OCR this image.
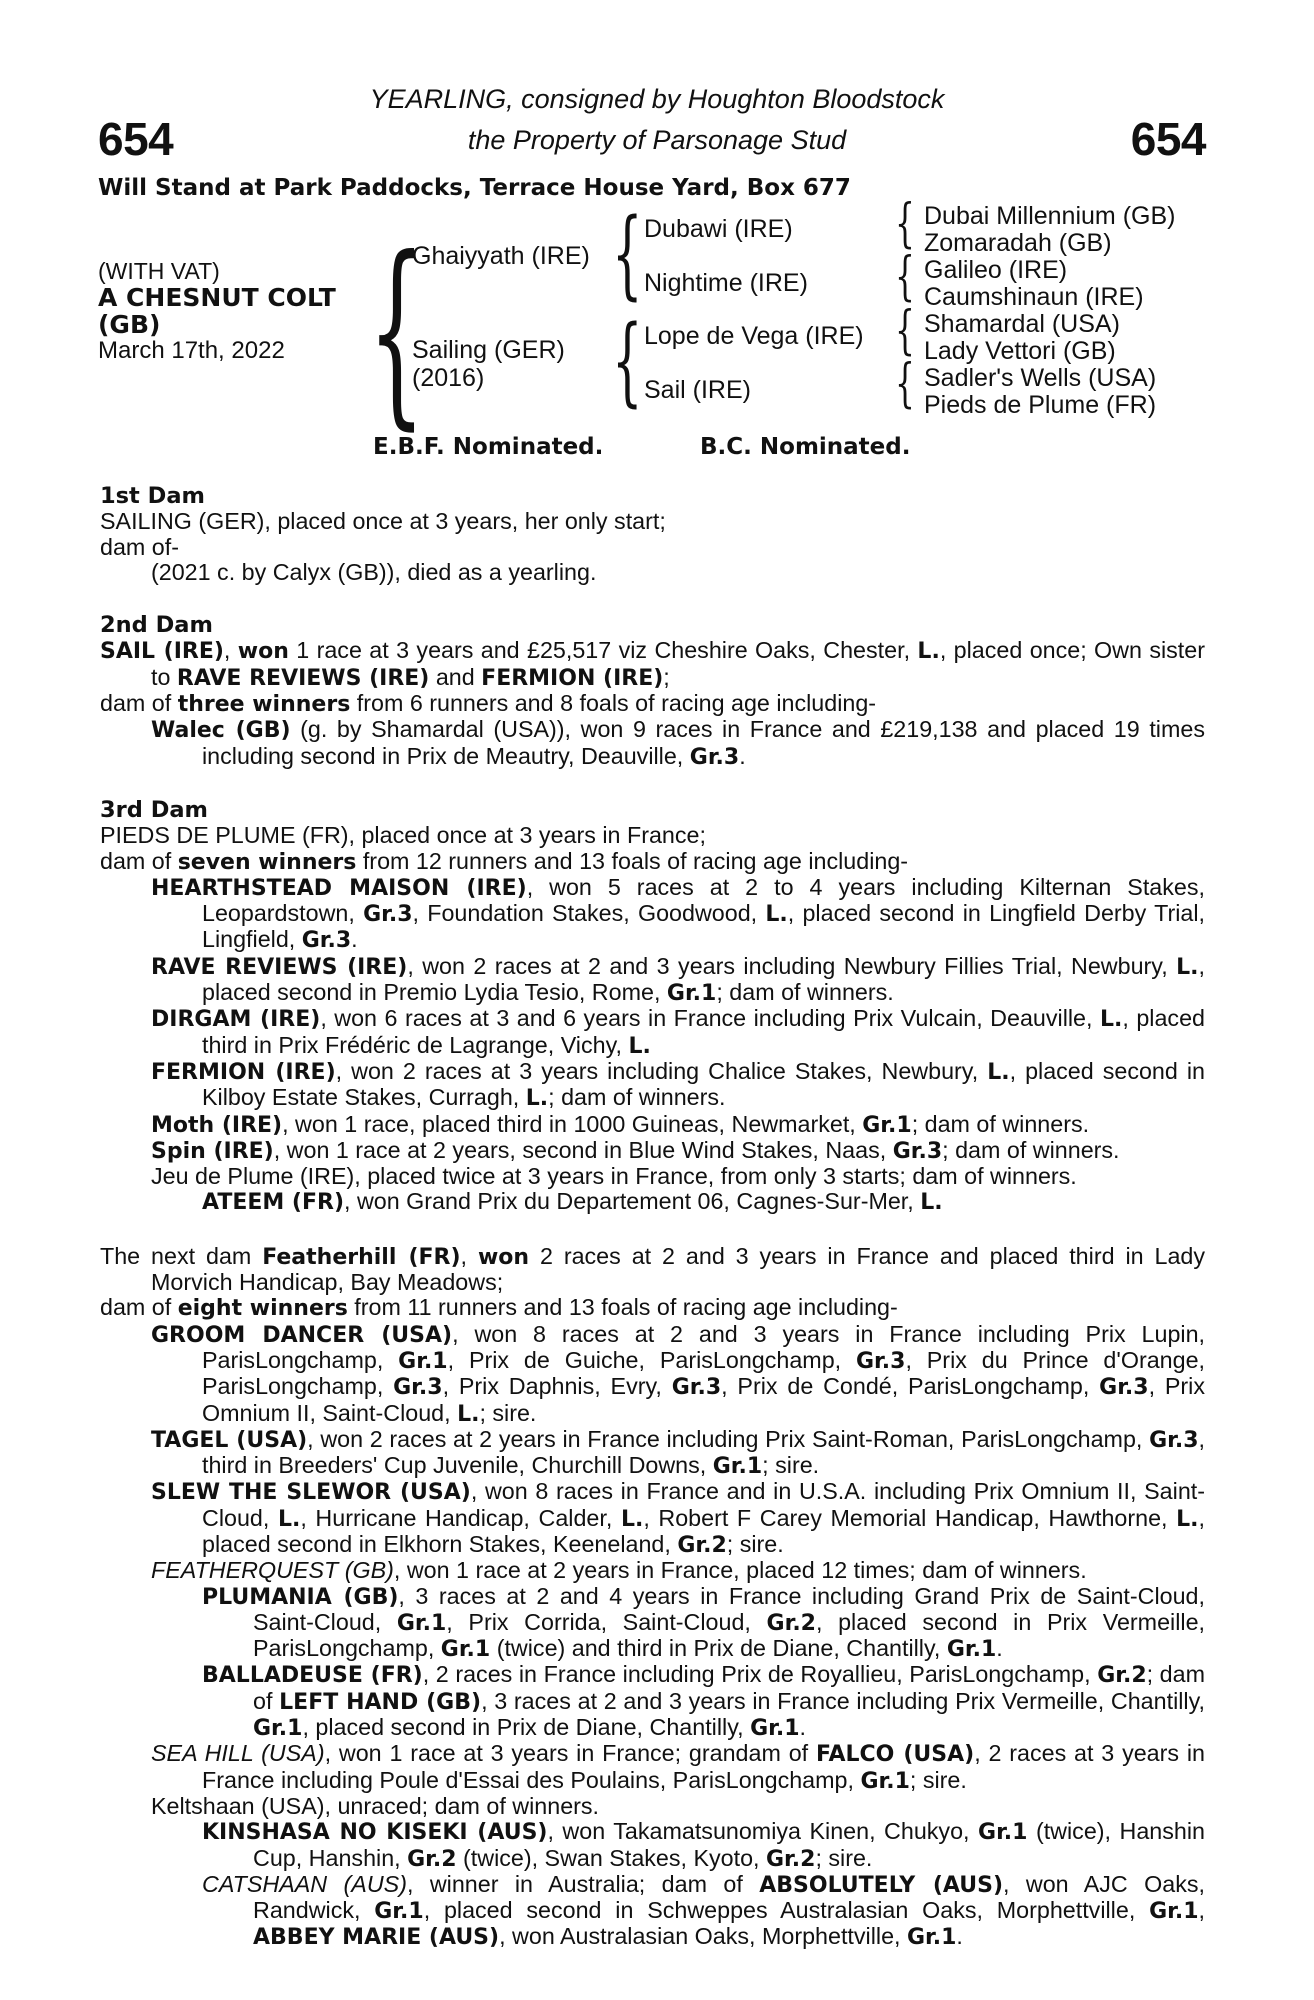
654	654
YEARLING, consigned by Houghton Bloodstock
the Property of Parsonage Stud
Will Stand at Park Paddocks, Terrace House Yard, Box 677
(WITH VAT)
A CHESNUT COLT
(GB)
March 17th, 2022 {
Ghaiyyath (IRE)
Sailing (GER)
(2016)
{ Dubawi (IRE)
Nightime (IRE)
{ Lope de Vega (IRE)
Sail (IRE)
{
{
{
{
Dubai Millennium (GB)
Zomaradah (GB)
Galileo (IRE)
Caumshinaun (IRE)
Shamardal (USA)
Lady Vettori (GB)
Sadler's Wells (USA)
Pieds de Plume (FR)
E.B.F. Nominated.	B.C. Nominated.
1st Dam
SAILING (GER), placed once at 3 years, her only start;
dam of-
(2021 c. by Calyx (GB)), died as a yearling.
2nd Dam
SAIL (IRE), won 1 race at 3 years and £25,517 viz Cheshire Oaks, Chester, L., placed once; Own sister to RAVE REVIEWS (IRE) and FERMION (IRE);
dam of three winners from 6 runners and 8 foals of racing age including-
Walec (GB) (g. by Shamardal (USA)), won 9 races in France and £219,138 and placed 19 times including second in Prix de Meautry, Deauville, Gr.3.
3rd Dam
PIEDS DE PLUME (FR), placed once at 3 years in France;
dam of seven winners from 12 runners and 13 foals of racing age including-
HEARTHSTEAD MAISON (IRE), won 5 races at 2 to 4 years including Kilternan Stakes, Leopardstown, Gr.3, Foundation Stakes, Goodwood, L., placed second in Lingfield Derby Trial, Lingfield, Gr.3.
RAVE REVIEWS (IRE), won 2 races at 2 and 3 years including Newbury Fillies Trial, Newbury, L., placed second in Premio Lydia Tesio, Rome, Gr.1; dam of winners.
DIRGAM (IRE), won 6 races at 3 and 6 years in France including Prix Vulcain, Deauville, L., placed third in Prix Frédéric de Lagrange, Vichy, L.
FERMION (IRE), won 2 races at 3 years including Chalice Stakes, Newbury, L., placed second in Kilboy Estate Stakes, Curragh, L.; dam of winners.
Moth (IRE), won 1 race, placed third in 1000 Guineas, Newmarket, Gr.1; dam of winners.
Spin (IRE), won 1 race at 2 years, second in Blue Wind Stakes, Naas, Gr.3; dam of winners.
Jeu de Plume (IRE), placed twice at 3 years in France, from only 3 starts; dam of winners.
ATEEM (FR), won Grand Prix du Departement 06, Cagnes-Sur-Mer, L.
The next dam Featherhill (FR), won 2 races at 2 and 3 years in France and placed third in Lady Morvich Handicap, Bay Meadows;
dam of eight winners from 11 runners and 13 foals of racing age including-
GROOM DANCER (USA), won 8 races at 2 and 3 years in France including Prix Lupin, ParisLongchamp, Gr.1, Prix de Guiche, ParisLongchamp, Gr.3, Prix du Prince d'Orange, ParisLongchamp, Gr.3, Prix Daphnis, Evry, Gr.3, Prix de Condé, ParisLongchamp, Gr.3, Prix Omnium II, Saint-Cloud, L.; sire.
TAGEL (USA), won 2 races at 2 years in France including Prix Saint-Roman, ParisLongchamp, Gr.3, third in Breeders' Cup Juvenile, Churchill Downs, Gr.1; sire.
SLEW THE SLEWOR (USA), won 8 races in France and in U.S.A. including Prix Omnium II, Saint-Cloud, L., Hurricane Handicap, Calder, L., Robert F Carey Memorial Handicap, Hawthorne, L., placed second in Elkhorn Stakes, Keeneland, Gr.2; sire.
FEATHERQUEST (GB), won 1 race at 2 years in France, placed 12 times; dam of winners.
PLUMANIA (GB), 3 races at 2 and 4 years in France including Grand Prix de Saint-Cloud, Saint-Cloud, Gr.1, Prix Corrida, Saint-Cloud, Gr.2, placed second in Prix Vermeille, ParisLongchamp, Gr.1 (twice) and third in Prix de Diane, Chantilly, Gr.1.
BALLADEUSE (FR), 2 races in France including Prix de Royallieu, ParisLongchamp, Gr.2; dam of LEFT HAND (GB), 3 races at 2 and 3 years in France including Prix Vermeille, Chantilly, Gr.1, placed second in Prix de Diane, Chantilly, Gr.1.
SEA HILL (USA), won 1 race at 3 years in France; grandam of FALCO (USA), 2 races at 3 years in France including Poule d'Essai des Poulains, ParisLongchamp, Gr.1; sire.
Keltshaan (USA), unraced; dam of winners.
KINSHASA NO KISEKI (AUS), won Takamatsunomiya Kinen, Chukyo, Gr.1 (twice), Hanshin Cup, Hanshin, Gr.2 (twice), Swan Stakes, Kyoto, Gr.2; sire.
CATSHAAN (AUS), winner in Australia; dam of ABSOLUTELY (AUS), won AJC Oaks, Randwick, Gr.1, placed second in Schweppes Australasian Oaks, Morphettville, Gr.1, ABBEY MARIE (AUS), won Australasian Oaks, Morphettville, Gr.1.
